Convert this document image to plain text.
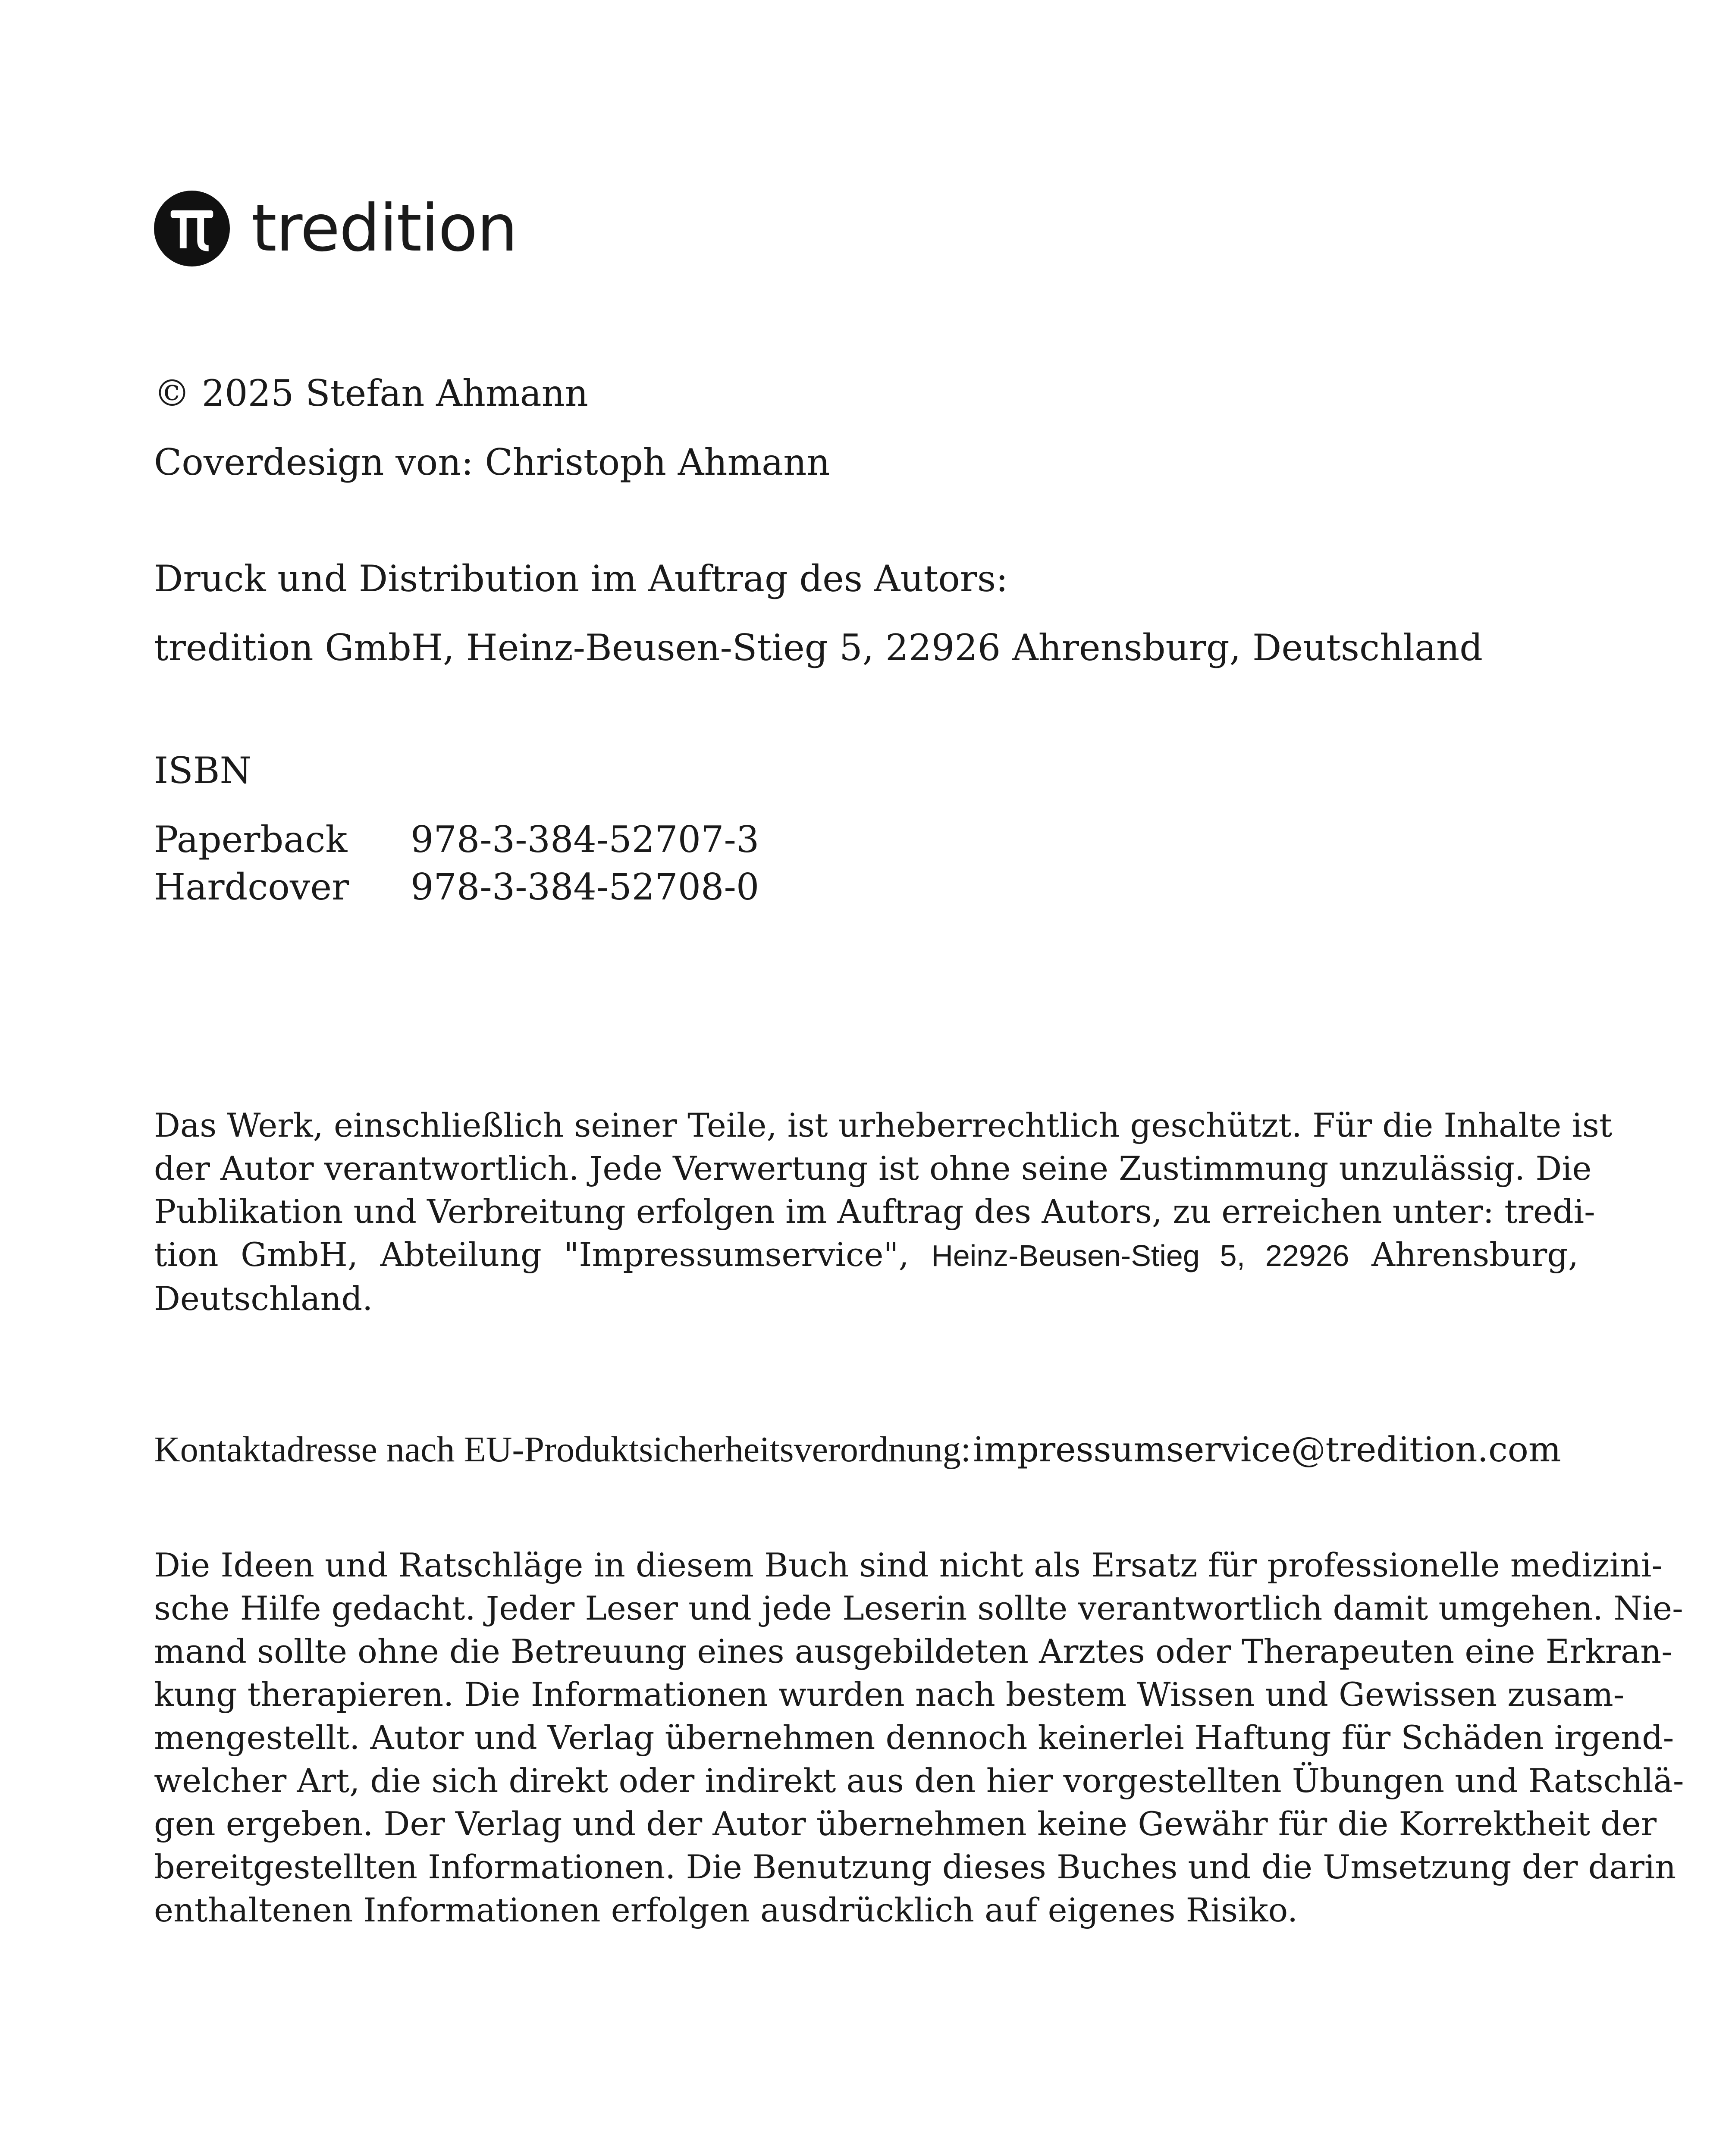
tredition
© 2025 Stefan Ahmann
Coverdesign von: Christoph Ahmann
Druck und Distribution im Auftrag des Autors:
tredition GmbH, Heinz-Beusen-Stieg 5, 22926 Ahrensburg, Deutschland
ISBN
Paperback 978-3-384-52707-3
Hardcover 978-3-384-52708-0
Das Werk, einschließlich seiner Teile, ist urheberrechtlich geschützt. Für die Inhalte ist
der Autor verantwortlich. Jede Verwertung ist ohne seine Zustimmung unzulässig. Die
Publikation und Verbreitung erfolgen im Auftrag des Autors, zu erreichen unter: tredi-
tion GmbH, Abteilung "Impressumservice", Heinz-Beusen-Stieg 5, 22926 Ahrensburg,
Deutschland.
Kontaktadresse nach EU-Produktsicherheitsverordnung: impressumservice@tredition.com
Die Ideen und Ratschläge in diesem Buch sind nicht als Ersatz für professionelle medizini-
sche Hilfe gedacht. Jeder Leser und jede Leserin sollte verantwortlich damit umgehen. Nie-
mand sollte ohne die Betreuung eines ausgebildeten Arztes oder Therapeuten eine Erkran-
kung therapieren. Die Informationen wurden nach bestem Wissen und Gewissen zusam-
mengestellt. Autor und Verlag übernehmen dennoch keinerlei Haftung für Schäden irgend-
welcher Art, die sich direkt oder indirekt aus den hier vorgestellten Übungen und Ratschlä-
gen ergeben. Der Verlag und der Autor übernehmen keine Gewähr für die Korrektheit der
bereitgestellten Informationen. Die Benutzung dieses Buches und die Umsetzung der darin
enthaltenen Informationen erfolgen ausdrücklich auf eigenes Risiko.
